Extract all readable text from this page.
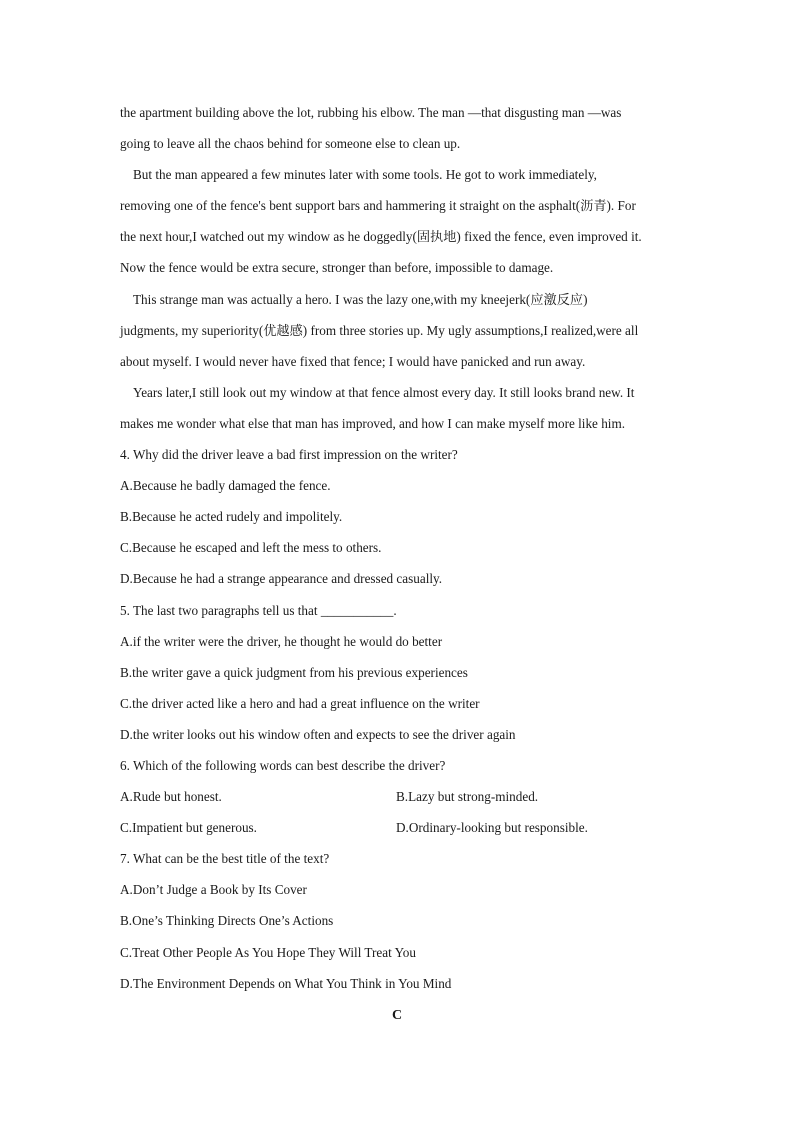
the apartment building above the lot, rubbing his elbow. The man —that disgusting man —was
going to leave all the chaos behind for someone else to clean up.
But the man appeared a few minutes later with some tools. He got to work immediately,
removing one of the fence's bent support bars and hammering it straight on the asphalt(沥青). For
the next hour,I watched out my window as he doggedly(固执地) fixed the fence, even improved it.
Now the fence would be extra secure, stronger than before, impossible to damage.
This strange man was actually a hero. I was the lazy one,with my kneejerk(应激反应)
judgments, my superiority(优越感) from three stories up. My ugly assumptions,I realized,were all
about myself. I would never have fixed that fence; I would have panicked and run away.
Years later,I still look out my window at that fence almost every day. It still looks brand new. It
makes me wonder what else that man has improved, and how I can make myself more like him.
4. Why did the driver leave a bad first impression on the writer?
A.Because he badly damaged the fence.
B.Because he acted rudely and impolitely.
C.Because he escaped and left the mess to others.
D.Because he had a strange appearance and dressed casually.
5. The last two paragraphs tell us that ___________.
A.if the writer were the driver, he thought he would do better
B.the writer gave a quick judgment from his previous experiences
C.the driver acted like a hero and had a great influence on the writer
D.the writer looks out his window often and expects to see the driver again
6. Which of the following words can best describe the driver?
A.Rude but honest.	B.Lazy but strong-minded.
C.Impatient but generous.	D.Ordinary-looking but responsible.
7. What can be the best title of the text?
A.Don’t Judge a Book by Its Cover
B.One’s Thinking Directs One’s Actions
C.Treat Other People As You Hope They Will Treat You
D.The Environment Depends on What You Think in You Mind
C
